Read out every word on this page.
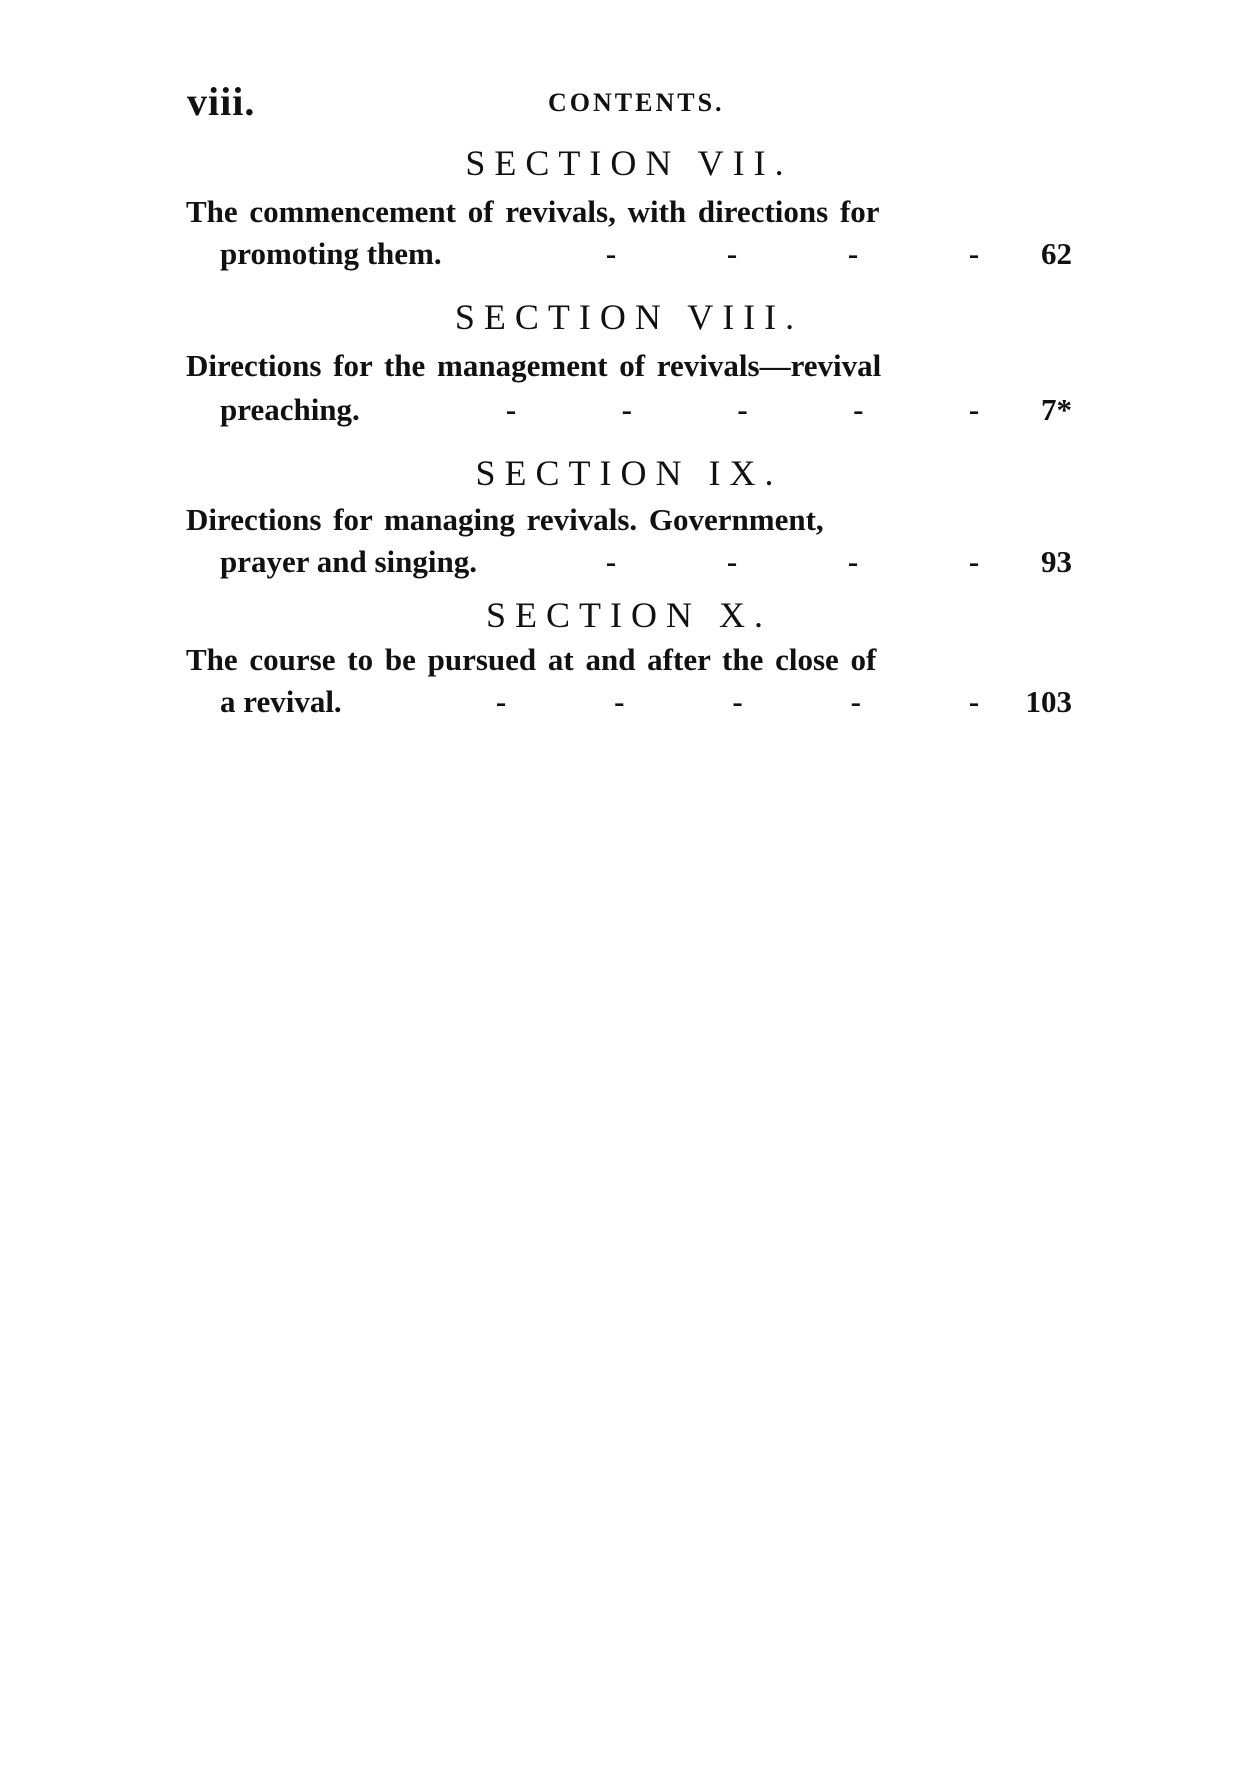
viii.	CONTENTS.
SECTION VII.
The commencement of revivals, with directions for
promoting them.	-	-	-	- 62
SECTION VIII.
Directions for the management of revivals—revival
preaching.	-	-	-	-	- 7*
SECTION IX.
Directions for managing revivals. Government,
prayer and singing.	-	-	-	- 93
SECTION X.
The course to be pursued at and after the close of
a revival.	-	-	-	-	- 103
